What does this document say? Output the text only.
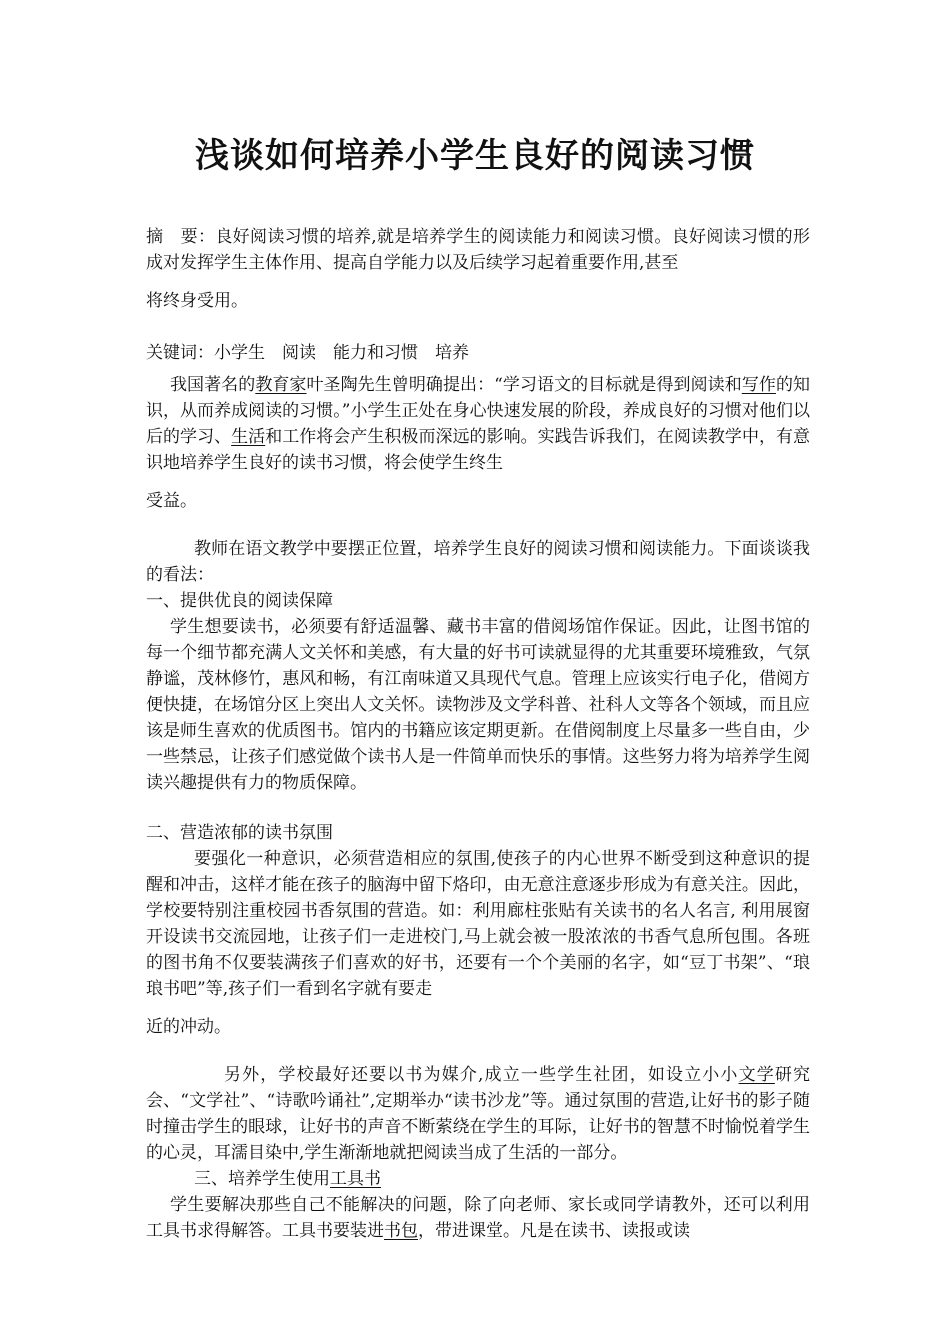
浅谈如何培养小学生良好的阅读习惯

摘　要：良好阅读习惯的培养,就是培养学生的阅读能力和阅读习惯。良好阅读习惯的形成对发挥学生主体作用、提高自学能力以及后续学习起着重要作用,甚至

将终身受用。

关键词：小学生　阅读　能力和习惯　培养

我国著名的教育家叶圣陶先生曾明确提出：“学习语文的目标就是得到阅读和写作的知识，从而养成阅读的习惯。”小学生正处在身心快速发展的阶段，养成良好的习惯对他们以后的学习、生活和工作将会产生积极而深远的影响。实践告诉我们，在阅读教学中，有意识地培养学生良好的读书习惯，将会使学生终生

受益。

教师在语文教学中要摆正位置，培养学生良好的阅读习惯和阅读能力。下面谈谈我的看法：

一、提供优良的阅读保障

学生想要读书，必须要有舒适温馨、藏书丰富的借阅场馆作保证。因此，让图书馆的每一个细节都充满人文关怀和美感，有大量的好书可读就显得的尤其重要环境雅致，气氛静谧，茂林修竹，惠风和畅，有江南味道又具现代气息。管理上应该实行电子化，借阅方便快捷，在场馆分区上突出人文关怀。读物涉及文学科普、社科人文等各个领域，而且应该是师生喜欢的优质图书。馆内的书籍应该定期更新。在借阅制度上尽量多一些自由，少一些禁忌，让孩子们感觉做个读书人是一件简单而快乐的事情。这些努力将为培养学生阅读兴趣提供有力的物质保障。

二、营造浓郁的读书氛围

要强化一种意识，必须营造相应的氛围,使孩子的内心世界不断受到这种意识的提醒和冲击，这样才能在孩子的脑海中留下烙印，由无意注意逐步形成为有意关注。因此，学校要特别注重校园书香氛围的营造。如：利用廊柱张贴有关读书的名人名言, 利用展窗开设读书交流园地，让孩子们一走进校门,马上就会被一股浓浓的书香气息所包围。各班的图书角不仅要装满孩子们喜欢的好书，还要有一个个美丽的名字，如“豆丁书架”、“琅琅书吧”等,孩子们一看到名字就有要走

近的冲动。

另外，学校最好还要以书为媒介,成立一些学生社团，如设立小小文学研究会、“文学社”、“诗歌吟诵社”,定期举办“读书沙龙”等。通过氛围的营造,让好书的影子随时撞击学生的眼球，让好书的声音不断萦绕在学生的耳际，让好书的智慧不时愉悦着学生的心灵，耳濡目染中,学生渐渐地就把阅读当成了生活的一部分。

三、培养学生使用工具书

学生要解决那些自己不能解决的问题，除了向老师、家长或同学请教外，还可以利用工具书求得解答。工具书要装进书包，带进课堂。凡是在读书、读报或读
